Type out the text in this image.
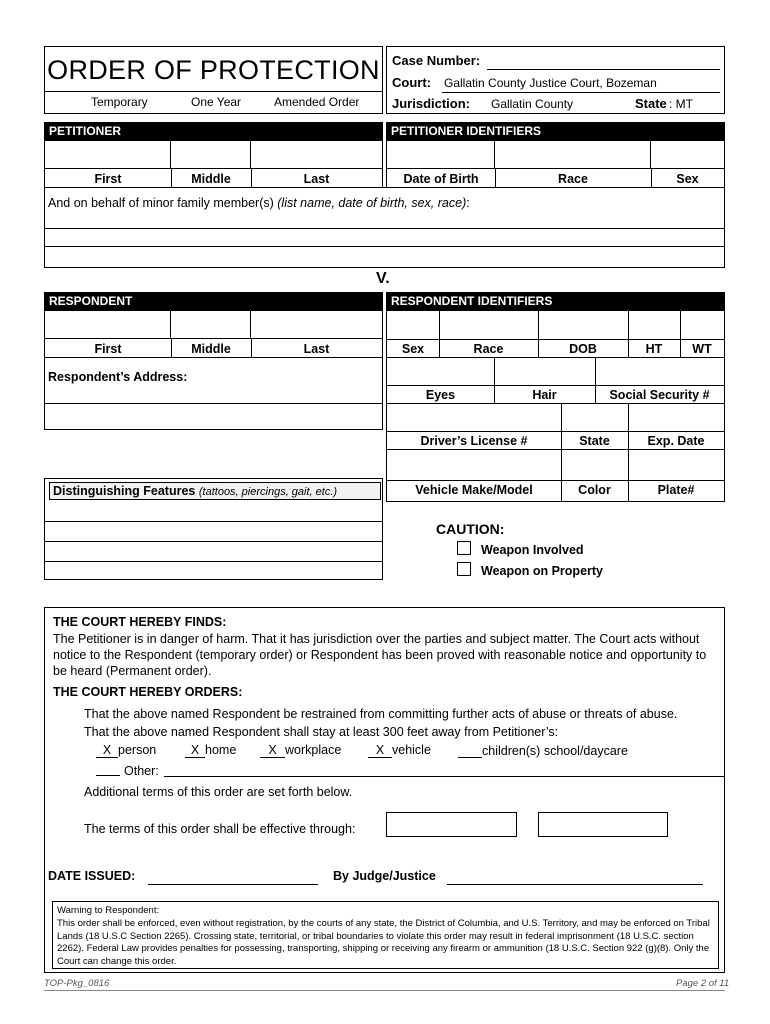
ORDER OF PROTECTION
Temporary	One Year	Amended Order
Case Number:
Court: Gallatin County Justice Court, Bozeman
Jurisdiction: Gallatin County	State : MT
PETITIONER
First	Middle	Last
PETITIONER IDENTIFIERS
Date of Birth	Race	Sex
And on behalf of minor family member(s) (list name, date of birth, sex, race):
V.
RESPONDENT
First	Middle	Last
Respondent’s Address:
RESPONDENT IDENTIFIERS
Sex	Race	DOB	HT	WT
Eyes	Hair	Social Security #
Driver’s License #	State	Exp. Date
Vehicle Make/Model	Color	Plate#
Distinguishing Features (tattoos, piercings, gait, etc.)
CAUTION:
Weapon Involved
Weapon on Property
THE COURT HEREBY FINDS:
The Petitioner is in danger of harm. That it has jurisdiction over the parties and subject matter. The Court acts without notice to the Respondent (temporary order) or Respondent has been proved with reasonable notice and opportunity to be heard (Permanent order).
THE COURT HEREBY ORDERS:
That the above named Respondent be restrained from committing further acts of abuse or threats of abuse.
That the above named Respondent shall stay at least 300 feet away from Petitioner’s:
X person	X home	X workplace	X vehicle	children(s) school/daycare
Other:
Additional terms of this order are set forth below.
The terms of this order shall be effective through:
DATE ISSUED:	By Judge/Justice
Warning to Respondent:
This order shall be enforced, even without registration, by the courts of any state, the District of Columbia, and U.S. Territory, and may be enforced on Tribal Lands (18 U.S.C Section 2265). Crossing state, territorial, or tribal boundaries to violate this order may result in federal imprisonment (18 U.S.C. section 2262). Federal Law provides penalties for possessing, transporting, shipping or receiving any firearm or ammunition (18 U.S.C. Section 922 (g)(8). Only the Court can change this order.
TOP-Pkg_0816	Page 2 of 11
